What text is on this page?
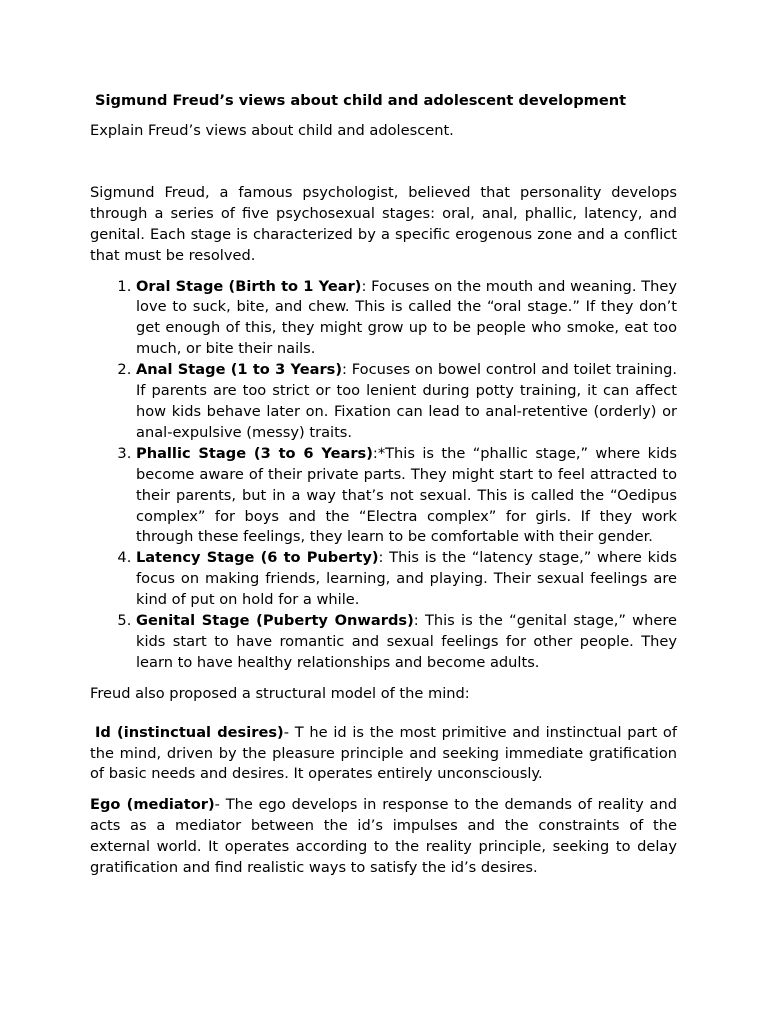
Sigmund Freud’s views about child and adolescent development

Explain Freud’s views about child and adolescent.

Sigmund Freud, a famous psychologist, believed that personality develops through a series of five psychosexual stages: oral, anal, phallic, latency, and genital. Each stage is characterized by a specific erogenous zone and a conflict that must be resolved.

1. Oral Stage (Birth to 1 Year): Focuses on the mouth and weaning. They love to suck, bite, and chew. This is called the “oral stage.” If they don’t get enough of this, they might grow up to be people who smoke, eat too much, or bite their nails.
2. Anal Stage (1 to 3 Years): Focuses on bowel control and toilet training. If parents are too strict or too lenient during potty training, it can affect how kids behave later on. Fixation can lead to anal-retentive (orderly) or anal-expulsive (messy) traits.
3. Phallic Stage (3 to 6 Years):*This is the “phallic stage,” where kids become aware of their private parts. They might start to feel attracted to their parents, but in a way that’s not sexual. This is called the “Oedipus complex” for boys and the “Electra complex” for girls. If they work through these feelings, they learn to be comfortable with their gender.
4. Latency Stage (6 to Puberty): This is the “latency stage,” where kids focus on making friends, learning, and playing. Their sexual feelings are kind of put on hold for a while.
5. Genital Stage (Puberty Onwards): This is the “genital stage,” where kids start to have romantic and sexual feelings for other people. They learn to have healthy relationships and become adults.

Freud also proposed a structural model of the mind:

Id (instinctual desires)- T he id is the most primitive and instinctual part of the mind, driven by the pleasure principle and seeking immediate gratification of basic needs and desires. It operates entirely unconsciously.

Ego (mediator)- The ego develops in response to the demands of reality and acts as a mediator between the id’s impulses and the constraints of the external world. It operates according to the reality principle, seeking to delay gratification and find realistic ways to satisfy the id’s desires.
